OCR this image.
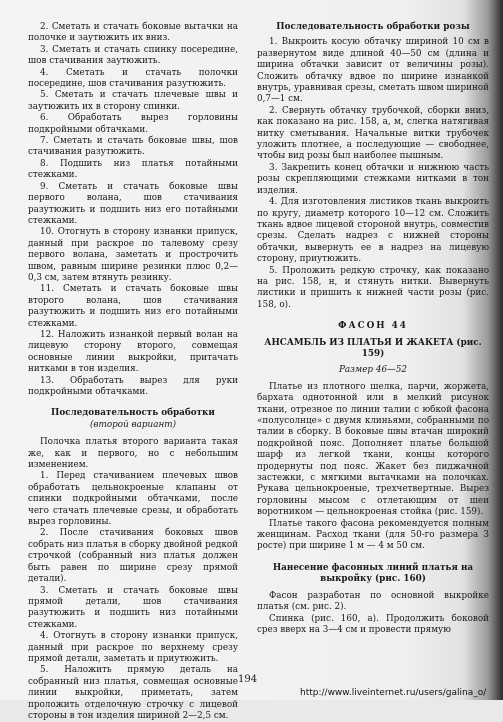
2. Сметать и стачать боковые вытачки на полочке и заутюжить их вниз.

3. Сметать и стачать спинку посередине, шов стачивания заутюжить.

4. Сметать и стачать полочки посередине, шов стачивания разутюжить.

5. Сметать и стачать плечевые швы и заутюжить их в сторону спинки.

6. Обработать вырез горловины подкройными обтачками.

7. Сметать и стачать боковые швы, шов стачивания разутюжить.

8. Подшить низ платья потайными стежками.

9. Сметать и стачать боковые швы первого волана, шов стачивания разутюжить и подшить низ его потайными стежками.

10. Отогнуть в сторону изнанки припуск, данный при раскрое по талевому срезу первого волана, заметать и прострочить швом, равным ширине резинки плюс 0,2—0,3 см, затем втянуть резинку.

11. Сметать и стачать боковые швы второго волана, шов стачивания разутюжить и подшить низ его потайными стежками.

12. Наложить изнанкой первый волан на лицевую сторону второго, совмещая основные линии выкройки, притачать нитками в тон изделия.

13. Обработать вырез для руки подкройными обтачками.

Последовательность обработки

(второй вариант)

Полочка платья второго варианта такая же, как и первого, но с небольшим изменением.

1. Перед стачиванием плечевых швов обработать цельнокроеные клапаны от спинки подкройными обтачками, после чего стачать плечевые срезы, и обработать вырез горловины.

2. После стачивания боковых швов собрать низ платья в сборку двойной редкой строчкой (собранный низ платья должен быть равен по ширине срезу прямой детали).

3. Сметать и стачать боковые швы прямой детали, шов стачивания разутюжить и подшить низ потайными стежками.

4. Отогнуть в сторону изнанки припуск, данный при раскрое по верхнему срезу прямой детали, заметать и приутюжить.

5. Наложить прямую деталь на собранный низ платья, совмещая основные линии выкройки, приметать, затем проложить отделочную строчку с лицевой стороны в тон изделия шириной 2—2,5 см.

Последовательность обработки розы

1. Выкроить косую обтачку шириной 10 см в развернутом виде длиной 40—50 см (длина и ширина обтачки зависит от величины розы). Сложить обтачку вдвое по ширине изнанкой внутрь, уравнивая срезы, сметать швом шириной 0,7—1 см.

2. Свернуть обтачку трубочкой, сборки вниз, как показано на рис. 158, а, м, слегка натягивая нитку сметывания. Начальные витки трубочек уложить плотнее, а последующие — свободнее, чтобы вид розы был наиболее пышным.

3. Закрепить конец обтачки и нижнюю часть розы скрепляющими стежками нитками в тон изделия.

4. Для изготовления листиков ткань выкроить по кругу, диаметр которого 10—12 см. Сложить ткань вдвое лицевой стороной внутрь, совместив срезы. Сделать надрез с нижней стороны обтачки, вывернуть ее в надрез на лицевую сторону, приутюжить.

5. Проложить редкую строчку, как показано на рис. 158, н, и стянуть нитки. Вывернуть листики и пришить к нижней части розы (рис. 158, о).

ФАСОН 44

АНСАМБЛЬ ИЗ ПЛАТЬЯ И ЖАКЕТА (рис. 159)

Размер 46—52

Платье из плотного шелка, парчи, жоржета, бархата однотонной или в мелкий рисунок ткани, отрезное по линии талии с юбкой фасона «полусолнце» с двумя клиньями, собранными по талии в сборку. В боковые швы втачан широкий подкройной пояс. Дополняет платье большой шарф из легкой ткани, концы которого продернуты под пояс. Жакет без пиджачной застежки, с мягкими вытачками на полочках. Рукава цельнокроеные, трехчетвертные. Вырез горловины мысом с отлетающим от шеи воротником — цельнокроеная стойка (рис. 159).

Платье такого фасона рекомендуется полным женщинам. Расход ткани (для 50-го размера 3 росте) при ширине 1 м — 4 м 50 см.

Нанесение фасонных линий платья на выкройку (рис. 160)

Фасон разработан по основной выкройке платья (см. рис. 2).

Спинка (рис. 160, а). Продолжить боковой срез вверх на 3—4 см и провести прямую

194
http://www.liveinternet.ru/users/galina_o/
